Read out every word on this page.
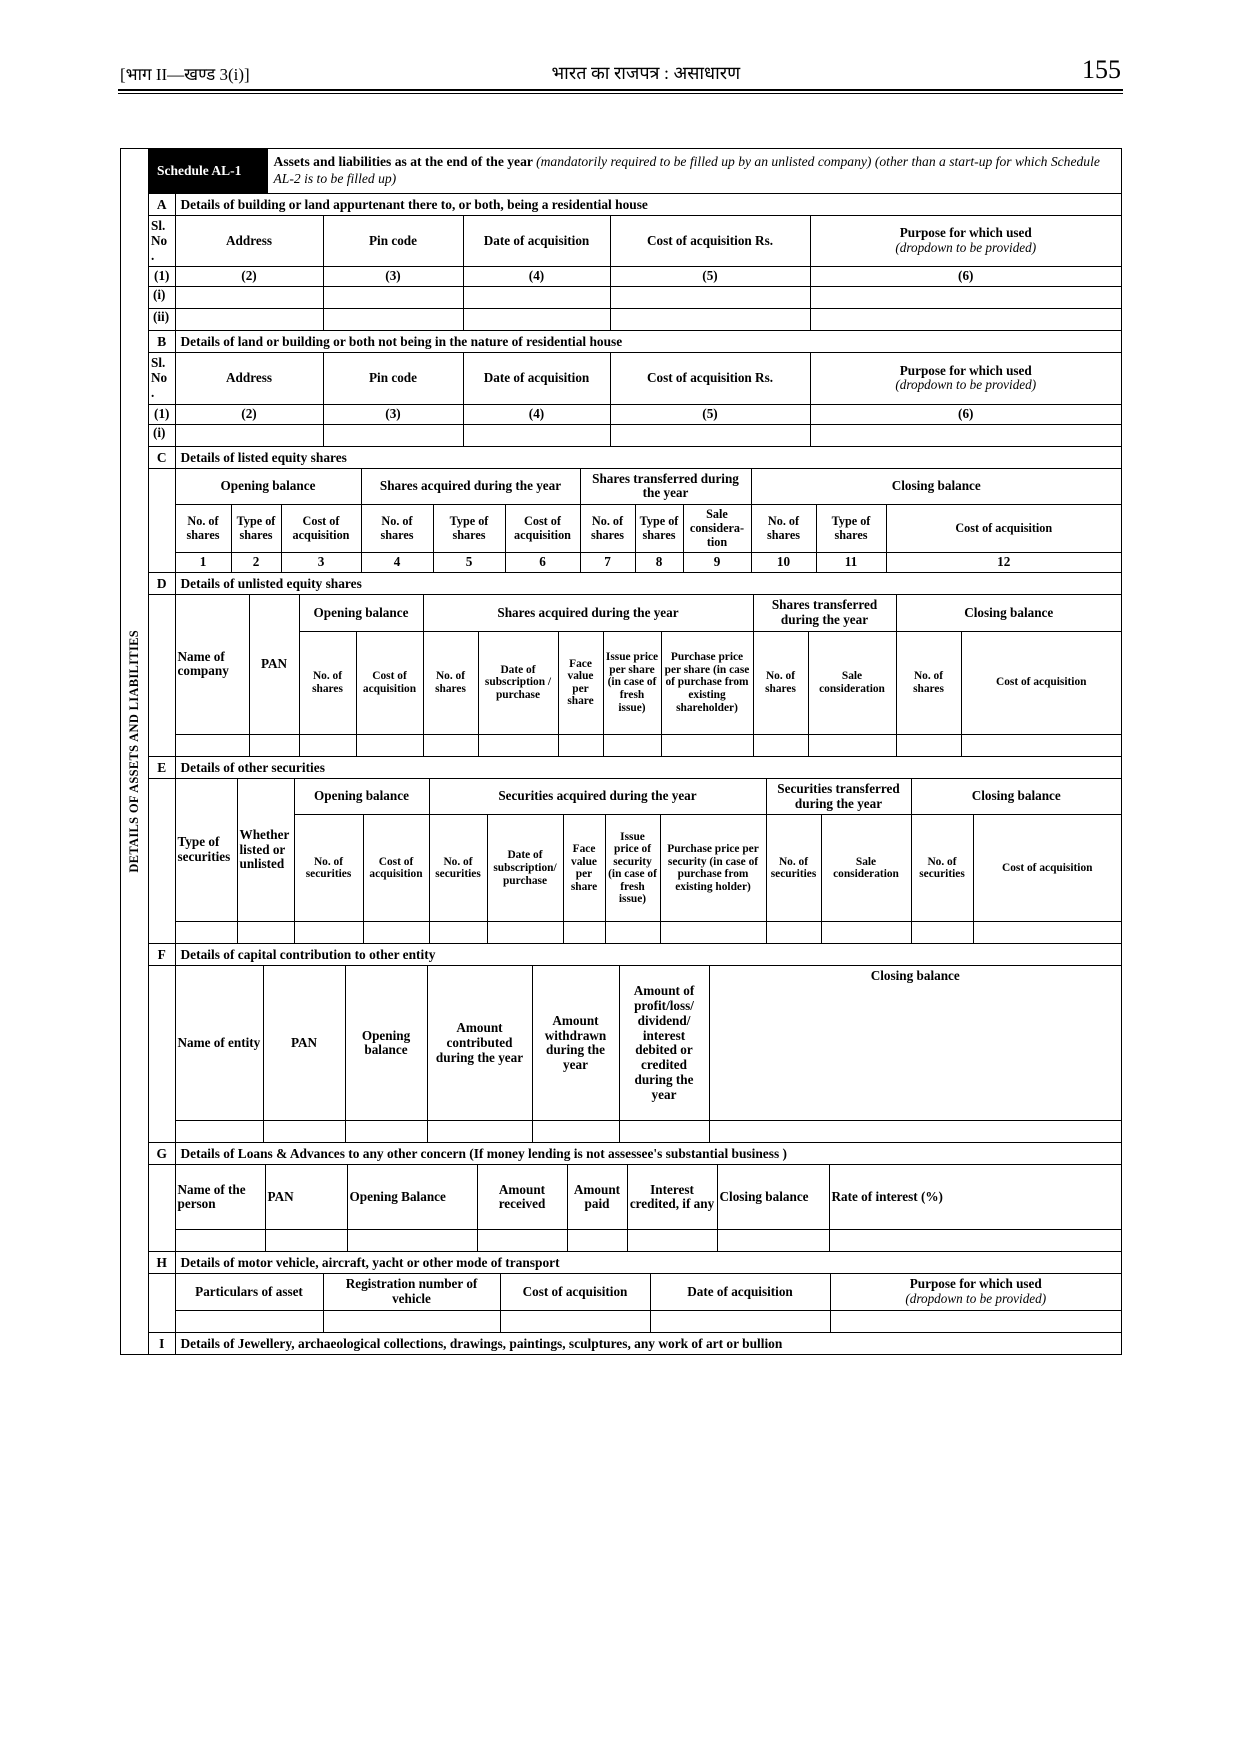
[भाग II—खण्ड 3(i)]	भारत का राजपत्र : असाधारण	155
DETAILS OF ASSETS AND LIABILITIES
Schedule AL-1	Assets and liabilities as at the end of the year (mandatorily required to be filled up by an unlisted company) (other than a start-up for which Schedule AL-2 is to be filled up)
A	Details of building or land appurtenant there to, or both, being a residential house				
Sl. No .	Address	Pin code	Date of acquisition	Cost of acquisition Rs.	Purpose for which used
(dropdown to be provided)

(1)	(2)	(3)	(4)	(5)	(6)
(i)					
(ii)					
B	Details of land or building or both not being in the nature of residential house				
Sl. No .	Address	Pin code	Date of acquisition	Cost of acquisition Rs.	Purpose for which used
(dropdown to be provided)

(1)	(2)	(3)	(4)	(5)	(6)
(i)					
C	Details of listed equity shares											
	Opening balance			Shares acquired during the year			Shares transferred during the year			Closing balance		
	No. of shares	Type of shares	Cost of acquisition	No. of shares	Type of shares	Cost of acquisition	No. of shares	Type of shares	Sale considera-tion	No. of shares	Type of shares	Cost of acquisition
	1	2	3	4	5	6	7	8	9	10	11	12
D	Details of unlisted equity shares												
	Name of company	PAN	Opening balance		Shares acquired during the year					Shares transferred during the year		Closing balance	
			No. of shares	Cost of acquisition	No. of shares	Date of subscription / purchase	Face value per share	Issue price per share (in case of fresh issue)	Purchase price per share (in case of purchase from existing shareholder)	No. of shares	Sale consideration	No. of shares	Cost of acquisition

E	Details of other securities												
	Type of securities	Whether listed or unlisted	Opening balance		Securities acquired during the year					Securities transferred during the year		Closing balance	
			No. of securities	Cost of acquisition	No. of securities	Date of subscription/ purchase	Face value per share	Issue price of security (in case of fresh issue)	Purchase price per security (in case of purchase from existing holder)	No. of securities	Sale consideration	No. of securities	Cost of acquisition

F	Details of capital contribution to other entity						
	Name of entity	PAN	Opening balance	Amount contributed during the year	Amount withdrawn during the year	Amount of profit/loss/ dividend/ interest debited or credited during the year	Closing balance

G	Details of Loans & Advances to any other concern (If money lending is not assessee's substantial business )							
	Name of the person	PAN	Opening Balance	Amount received	Amount paid	Interest credited, if any	Closing balance	Rate of interest (%)

H	Details of motor vehicle, aircraft, yacht or other mode of transport				
	Particulars of asset	Registration number of vehicle	Cost of acquisition	Date of acquisition	Purpose for which used
(dropdown to be provided)

I	Details of Jewellery, archaeological collections, drawings, paintings, sculptures, any work of art or bullion
